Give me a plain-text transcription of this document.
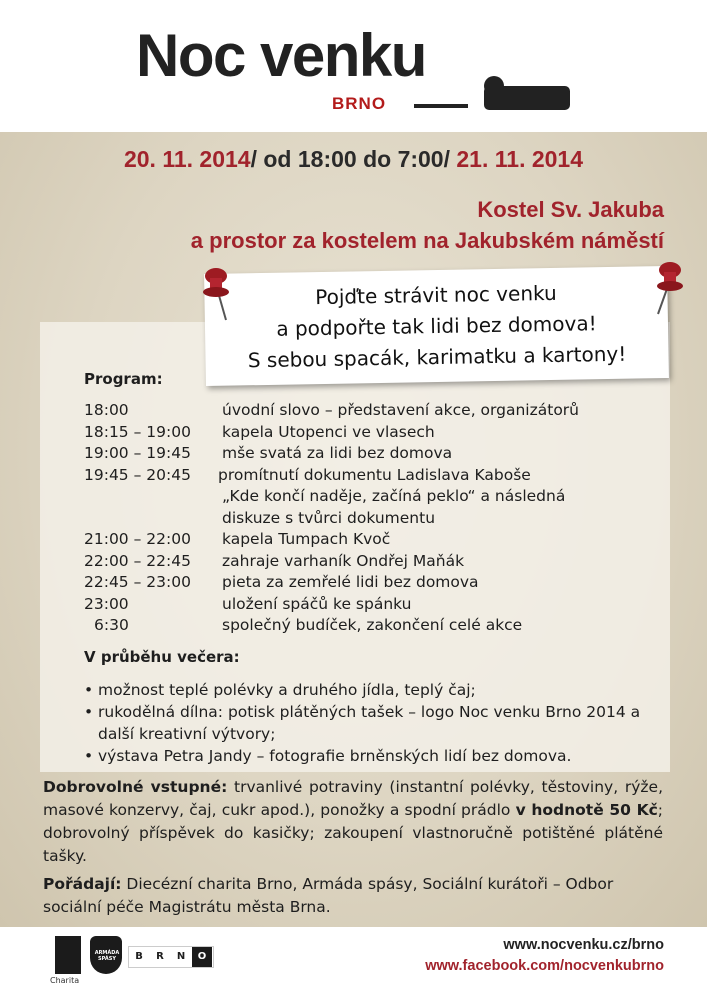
Noc venku
BRNO
20. 11. 2014/ od 18:00 do 7:00/ 21. 11. 2014
Kostel Sv. Jakuba
a prostor za kostelem na Jakubském náměstí
Pojďte strávit noc venku
a podpořte tak lidi bez domova!
S sebou spacák, karimatku a kartony!
Program:
18:00	úvodní slovo – představení akce, organizátorů
18:15 – 19:00	kapela Utopenci ve vlasech
19:00 – 19:45	mše svatá za lidi bez domova
19:45 – 20:45	promítnutí dokumentu Ladislava Kaboše
„Kde končí naděje, začíná peklo“ a následná
diskuze s tvůrci dokumentu
21:00 – 22:00	kapela Tumpach Kvoč
22:00 – 22:45	zahraje varhaník Ondřej Maňák
22:45 – 23:00	pieta za zemřelé lidi bez domova
23:00	uložení spáčů ke spánku
6:30	společný budíček, zakončení celé akce
V průběhu večera:
• možnost teplé polévky a druhého jídla, teplý čaj;
• rukodělná dílna: potisk plátěných tašek – logo Noc venku Brno 2014 a další kreativní výtvory;
• výstava Petra Jandy – fotografie brněnských lidí bez domova.
Dobrovolné vstupné: trvanlivé potraviny (instantní polévky, těstoviny, rýže, masové konzervy, čaj, cukr apod.), ponožky a spodní prádlo v hodnotě 50 Kč; dobrovolný příspěvek do kasičky; zakoupení vlastnoručně potištěné plátěné tašky.
Pořádají: Diecézní charita Brno, Armáda spásy, Sociální kurátoři – Odbor sociální péče Magistrátu města Brna.
Charita
ARMÁDA SPÁSY	B	R	N	O
www.nocvenku.cz/brno
www.facebook.com/nocvenkubrno
